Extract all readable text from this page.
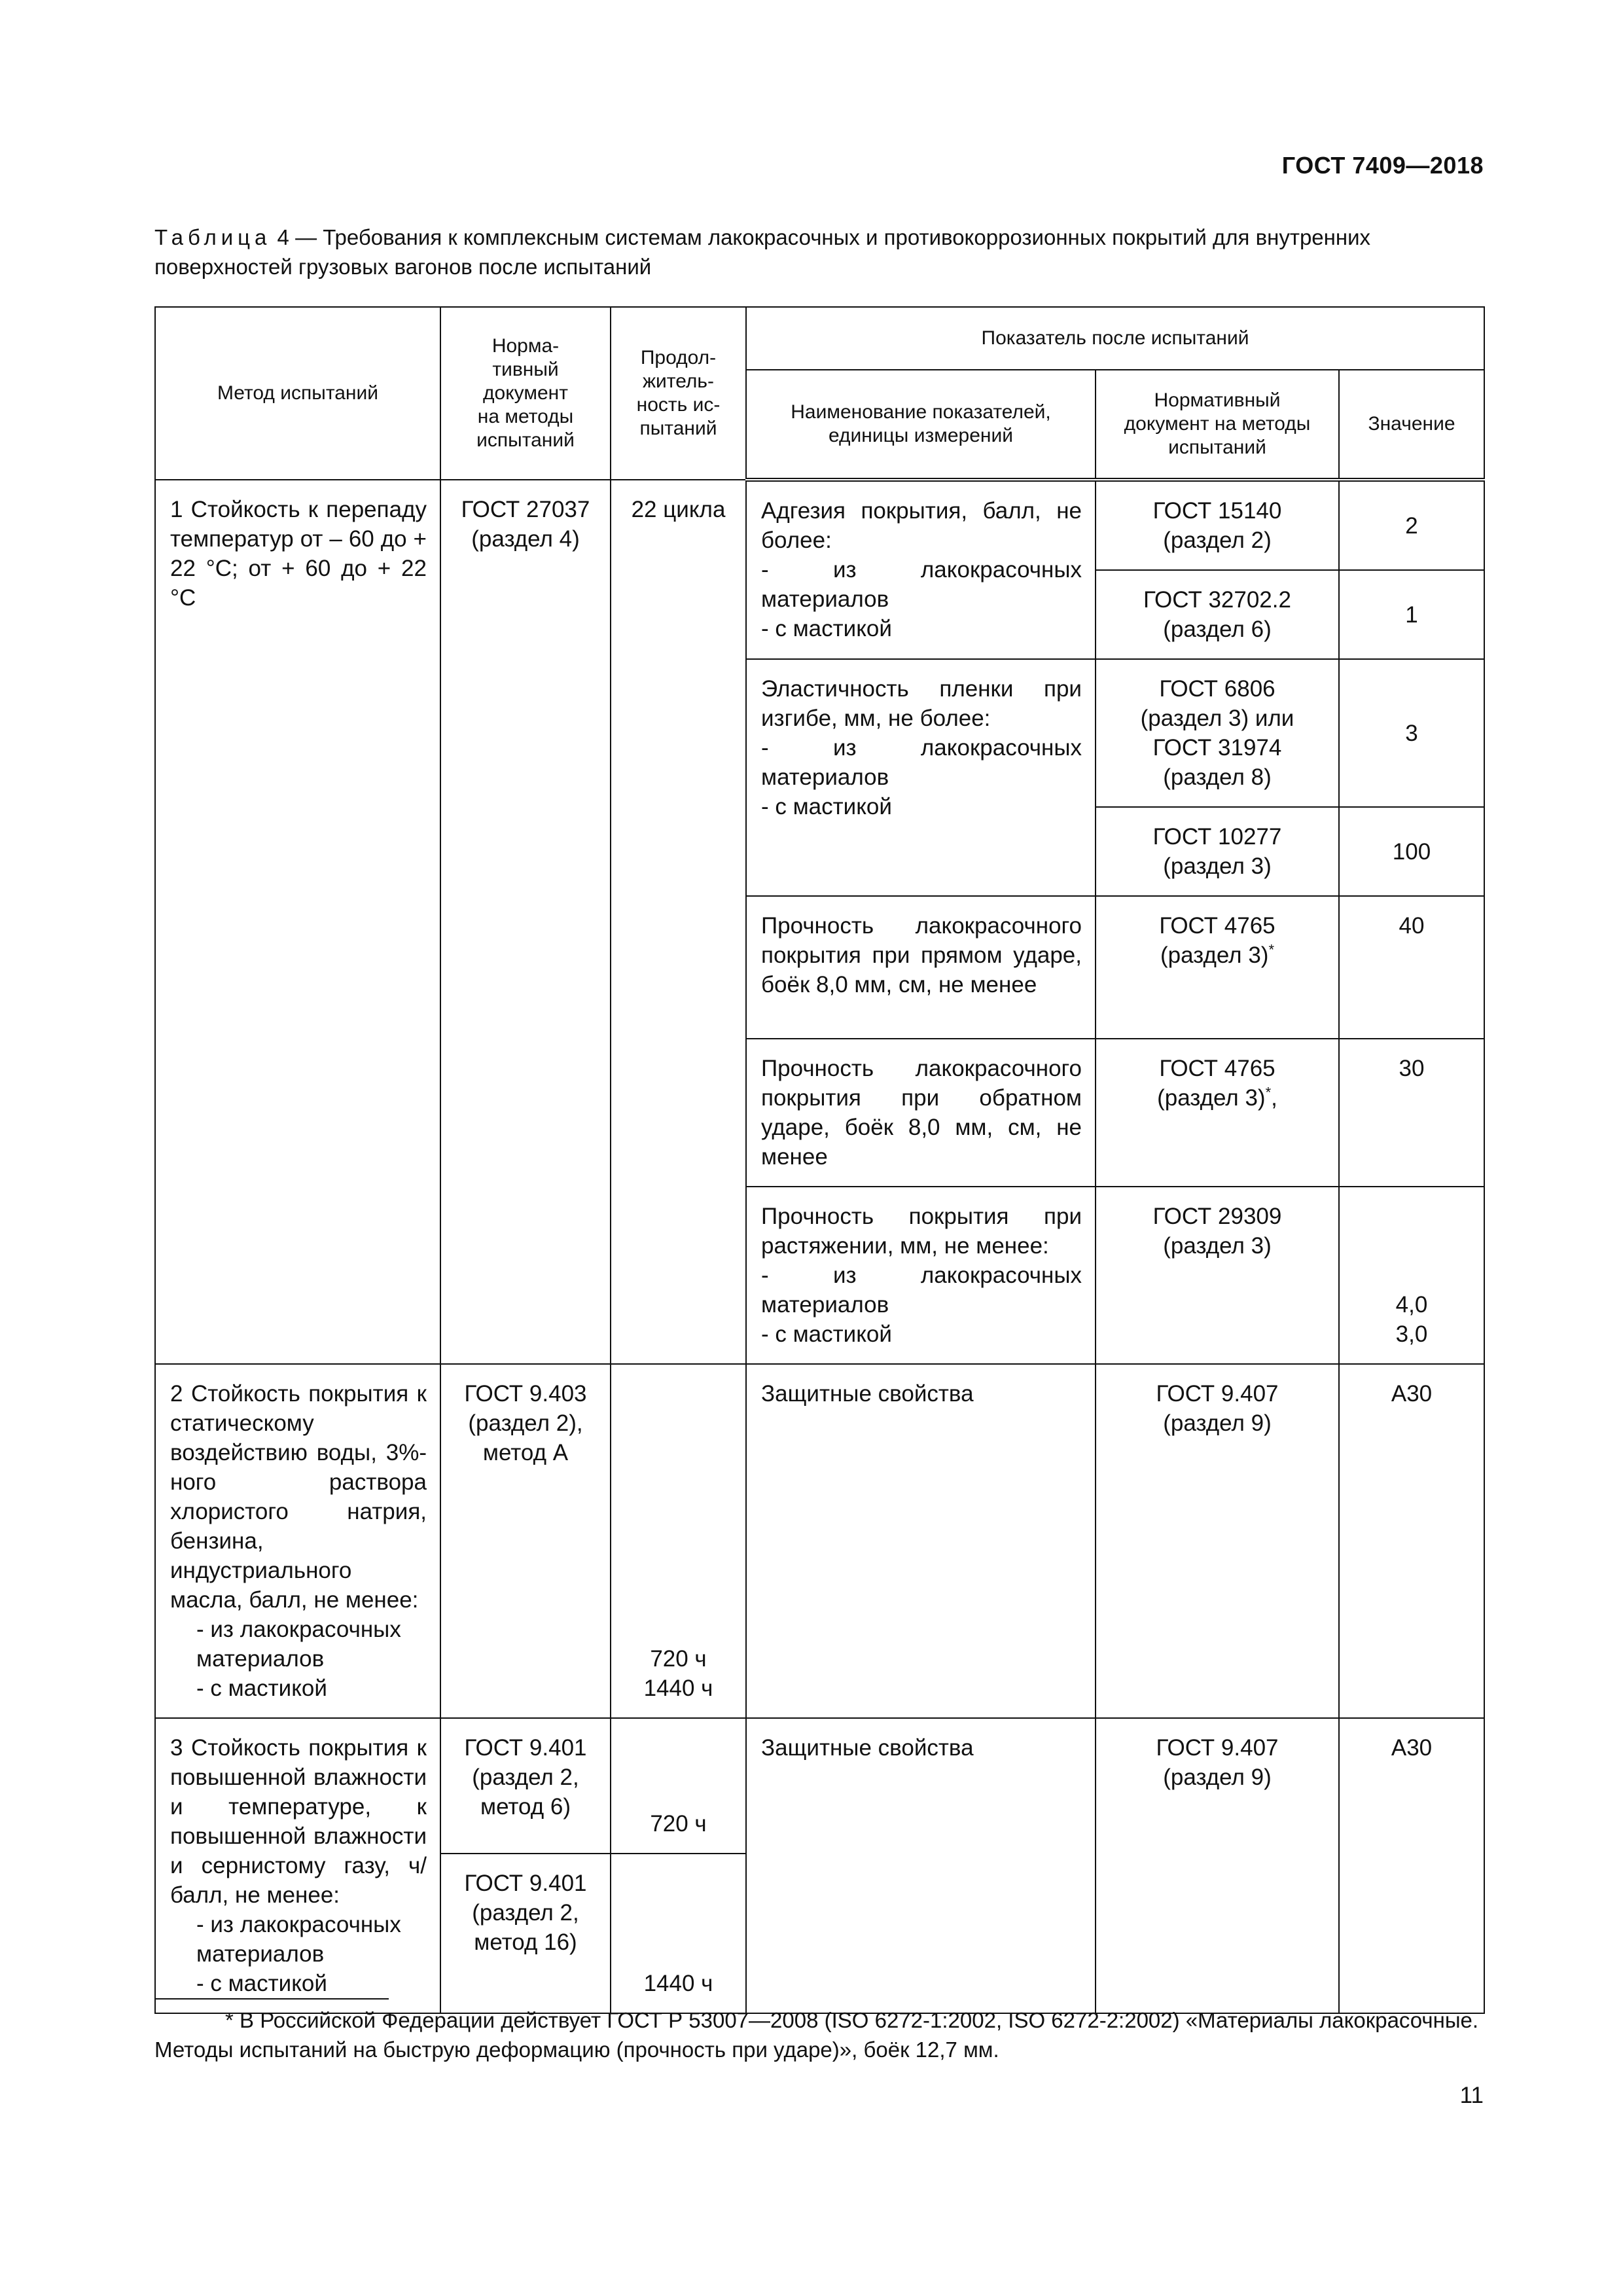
ГОСТ 7409—2018
Таблица 4 — Требования к комплексным системам лакокрасочных и противокоррозионных покрытий для внутренних поверхностей грузовых вагонов после испытаний
Метод испытаний	Норма-
тивный
документ
на методы
испытаний	Продол-
житель-
ность ис-
пытаний	Показатель после испытаний		
			Наименование показателей,
единицы измерений	Нормативный
документ на методы
испытаний	Значение
1 Стойкость к перепаду температур от – 60 до + 22 °С; от + 60 до + 22 °С	ГОСТ 27037
(раздел 4)	22 цикла	Адгезия покрытия, балл, не более:
- из лакокрасочных материалов
- с мастикой	ГОСТ 15140
(раздел 2)	2
				ГОСТ 32702.2
(раздел 6)	1
			Эластичность пленки при изгибе, мм, не более:
- из лакокрасочных материалов
- с мастикой	ГОСТ 6806
(раздел 3) или
ГОСТ 31974
(раздел 8)	3
				ГОСТ 10277
(раздел 3)	100
			Прочность лакокрасочного покрытия при прямом ударе, боёк 8,0 мм, см, не менее	ГОСТ 4765
(раздел 3)*	40
			Прочность лакокрасочного покрытия при обратном ударе, боёк 8,0 мм, см, не менее	ГОСТ 4765
(раздел 3)*,	30
			Прочность покрытия при растяжении, мм, не менее:
- из лакокрасочных материалов
- с мастикой	ГОСТ 29309
(раздел 3)	4,0
3,0

2 Стойкость покрытия к статическому воздействию воды, 3%-ного раствора хлористого натрия, бензина, индустриального масла, балл, не менее:
- из лакокрасочных материалов
- с мастикой	ГОСТ 9.403
(раздел 2),
метод А	720 ч
1440 ч	Защитные свойства	ГОСТ 9.407
(раздел 9)	А30

3 Стойкость покрытия к повышенной влажности и температуре, к повышенной влажности и сернистому газу, ч/балл, не менее:
- из лакокрасочных материалов
- с мастикой	ГОСТ 9.401
(раздел 2,
метод 6)	720 ч	Защитные свойства	ГОСТ 9.407
(раздел 9)	А30
	ГОСТ 9.401
(раздел 2,
метод 16)	1440 ч			
* В Российской Федерации действует ГОСТ Р 53007—2008 (ISO 6272-1:2002, ISO 6272-2:2002) «Материалы лакокрасочные. Методы испытаний на быструю деформацию (прочность при ударе)», боёк 12,7 мм.
11
